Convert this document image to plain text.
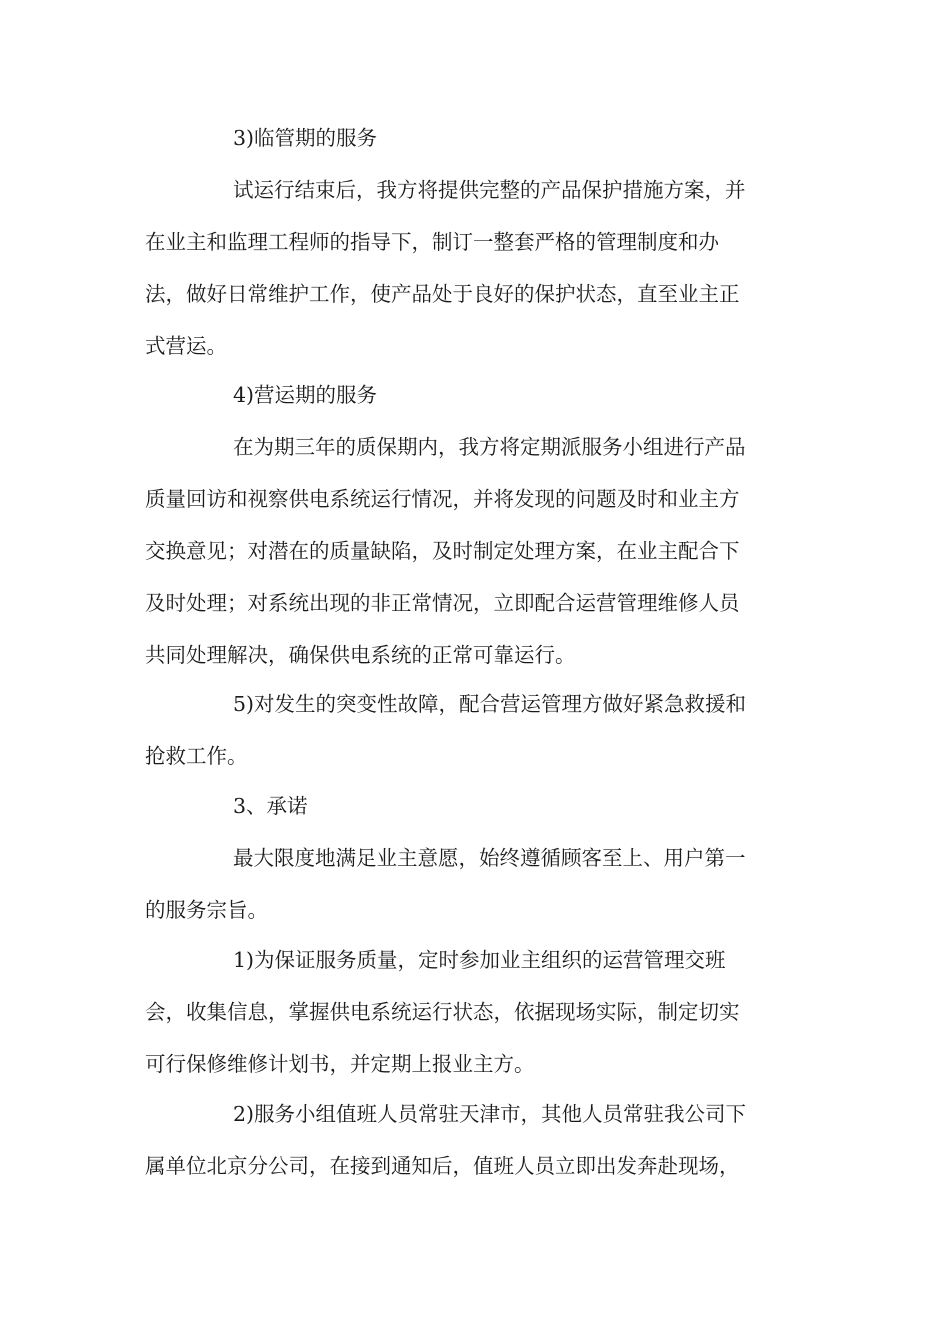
3)临管期的服务
试运行结束后，我方将提供完整的产品保护措施方案，并
在业主和监理工程师的指导下，制订一整套严格的管理制度和办
法，做好日常维护工作，使产品处于良好的保护状态，直至业主正
式营运。
4)营运期的服务
在为期三年的质保期内，我方将定期派服务小组进行产品
质量回访和视察供电系统运行情况，并将发现的问题及时和业主方
交换意见；对潜在的质量缺陷，及时制定处理方案，在业主配合下
及时处理；对系统出现的非正常情况，立即配合运营管理维修人员
共同处理解决，确保供电系统的正常可靠运行。
5)对发生的突变性故障，配合营运管理方做好紧急救援和
抢救工作。
3、承诺
最大限度地满足业主意愿，始终遵循顾客至上、用户第一
的服务宗旨。
1)为保证服务质量，定时参加业主组织的运营管理交班
会，收集信息，掌握供电系统运行状态，依据现场实际，制定切实
可行保修维修计划书，并定期上报业主方。
2)服务小组值班人员常驻天津市，其他人员常驻我公司下
属单位北京分公司，在接到通知后，值班人员立即出发奔赴现场，
